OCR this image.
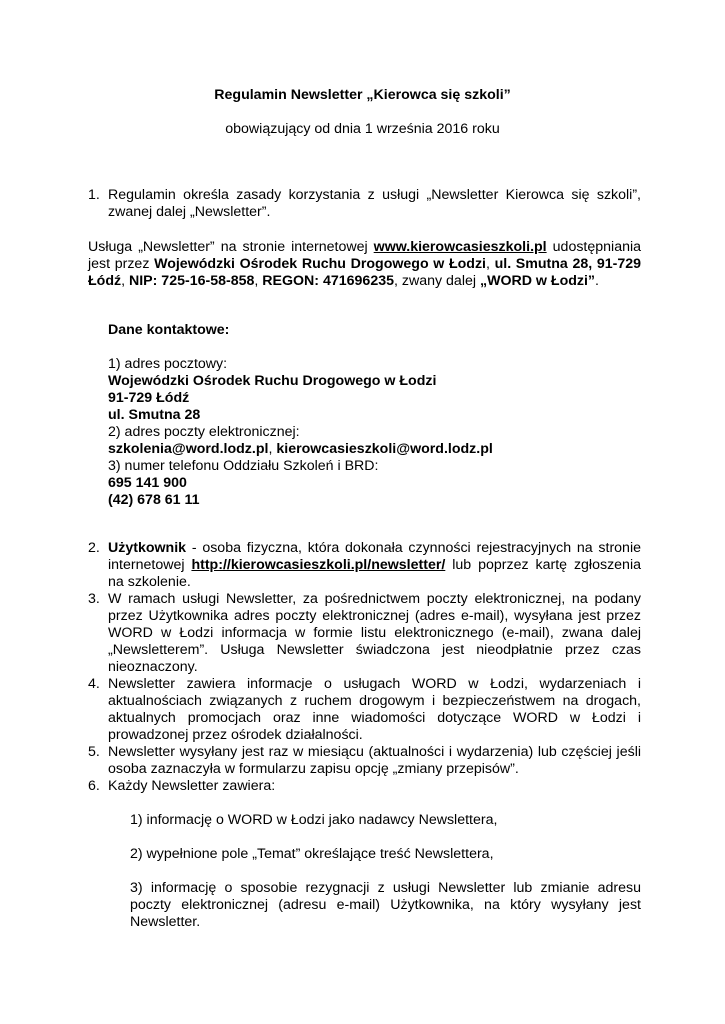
Regulamin Newsletter „Kierowca się szkoli”
obowiązujący od dnia 1 września 2016 roku
1. Regulamin określa zasady korzystania z usługi „Newsletter Kierowca się szkoli”, zwanej dalej „Newsletter”.
Usługa „Newsletter” na stronie internetowej www.kierowcasieszkoli.pl udostępniania jest przez Wojewódzki Ośrodek Ruchu Drogowego w Łodzi, ul. Smutna 28, 91-729 Łódź, NIP: 725-16-58-858, REGON: 471696235, zwany dalej „WORD w Łodzi”.
Dane kontaktowe:
1) adres pocztowy:
Wojewódzki Ośrodek Ruchu Drogowego w Łodzi
91-729 Łódź
ul. Smutna 28
2) adres poczty elektronicznej:
szkolenia@word.lodz.pl, kierowcasieszkoli@word.lodz.pl
3) numer telefonu Oddziału Szkoleń i BRD:
695 141 900
(42) 678 61 11
2. Użytkownik - osoba fizyczna, która dokonała czynności rejestracyjnych na stronie internetowej http://kierowcasieszkoli.pl/newsletter/ lub poprzez kartę zgłoszenia na szkolenie.
3. W ramach usługi Newsletter, za pośrednictwem poczty elektronicznej, na podany przez Użytkownika adres poczty elektronicznej (adres e-mail), wysyłana jest przez WORD w Łodzi informacja w formie listu elektronicznego (e-mail), zwana dalej „Newsletterem”. Usługa Newsletter świadczona jest nieodpłatnie przez czas nieoznaczony.
4. Newsletter zawiera informacje o usługach WORD w Łodzi, wydarzeniach i aktualnościach związanych z ruchem drogowym i bezpieczeństwem na drogach, aktualnych promocjach oraz inne wiadomości dotyczące WORD w Łodzi i prowadzonej przez ośrodek działalności.
5. Newsletter wysyłany jest raz w miesiącu (aktualności i wydarzenia) lub częściej jeśli osoba zaznaczyła w formularzu zapisu opcję „zmiany przepisów”.
6. Każdy Newsletter zawiera:
1) informację o WORD w Łodzi jako nadawcy Newslettera,
2) wypełnione pole „Temat” określające treść Newslettera,
3) informację o sposobie rezygnacji z usługi Newsletter lub zmianie adresu poczty elektronicznej (adresu e-mail) Użytkownika, na który wysyłany jest Newsletter.
